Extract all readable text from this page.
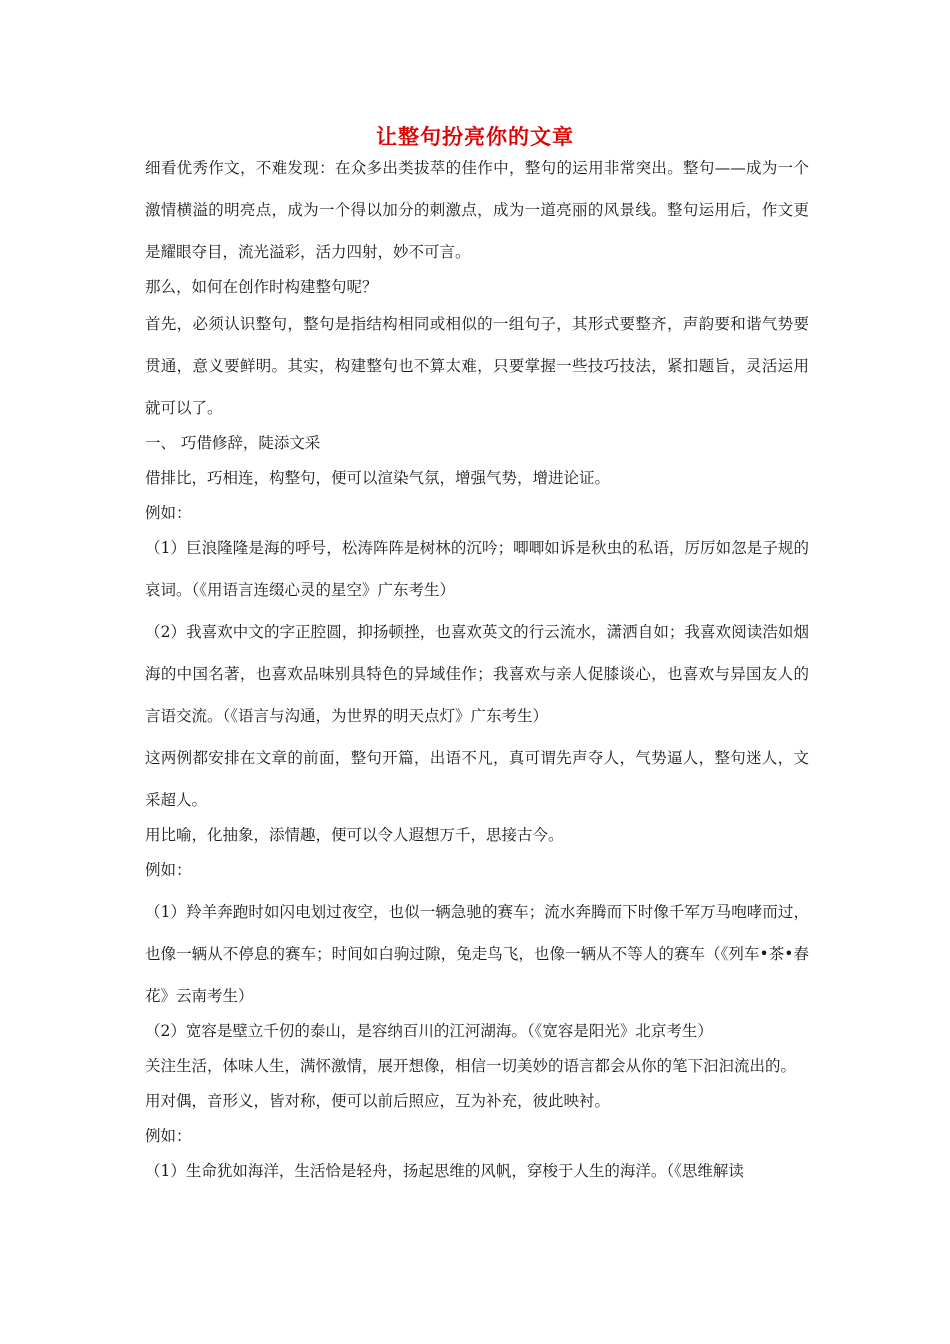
让整句扮亮你的文章

细看优秀作文，不难发现：在众多出类拔萃的佳作中，整句的运用非常突出。整句——成为一个激情横溢的明亮点，成为一个得以加分的刺激点，成为一道亮丽的风景线。整句运用后，作文更是耀眼夺目，流光溢彩，活力四射，妙不可言。

那么，如何在创作时构建整句呢？

首先，必须认识整句，整句是指结构相同或相似的一组句子，其形式要整齐，声韵要和谐气势要贯通，意义要鲜明。其实，构建整句也不算太难，只要掌握一些技巧技法，紧扣题旨，灵活运用就可以了。

一、 巧借修辞，陡添文采

借排比，巧相连，构整句，便可以渲染气氛，增强气势，增进论证。

例如：

（1）巨浪隆隆是海的呼号，松涛阵阵是树林的沉吟；唧唧如诉是秋虫的私语，厉厉如忽是子规的哀词。（《用语言连缀心灵的星空》广东考生）

（2）我喜欢中文的字正腔圆，抑扬顿挫，也喜欢英文的行云流水，潇洒自如；我喜欢阅读浩如烟海的中国名著，也喜欢品味别具特色的异域佳作；我喜欢与亲人促膝谈心，也喜欢与异国友人的言语交流。（《语言与沟通，为世界的明天点灯》广东考生）

这两例都安排在文章的前面，整句开篇，出语不凡，真可谓先声夺人，气势逼人，整句迷人，文采超人。

用比喻，化抽象，添情趣，便可以令人遐想万千，思接古今。

例如：

（1）羚羊奔跑时如闪电划过夜空，也似一辆急驰的赛车；流水奔腾而下时像千军万马咆哮而过，也像一辆从不停息的赛车；时间如白驹过隙，兔走鸟飞，也像一辆从不等人的赛车（《列车•茶•春花》云南考生）

（2）宽容是壁立千仞的泰山，是容纳百川的江河湖海。（《宽容是阳光》北京考生）

关注生活，体味人生，满怀激情，展开想像，相信一切美妙的语言都会从你的笔下汩汩流出的。

用对偶，音形义，皆对称，便可以前后照应，互为补充，彼此映衬。

例如：

（1）生命犹如海洋，生活恰是轻舟，扬起思维的风帆，穿梭于人生的海洋。（《思维解读
